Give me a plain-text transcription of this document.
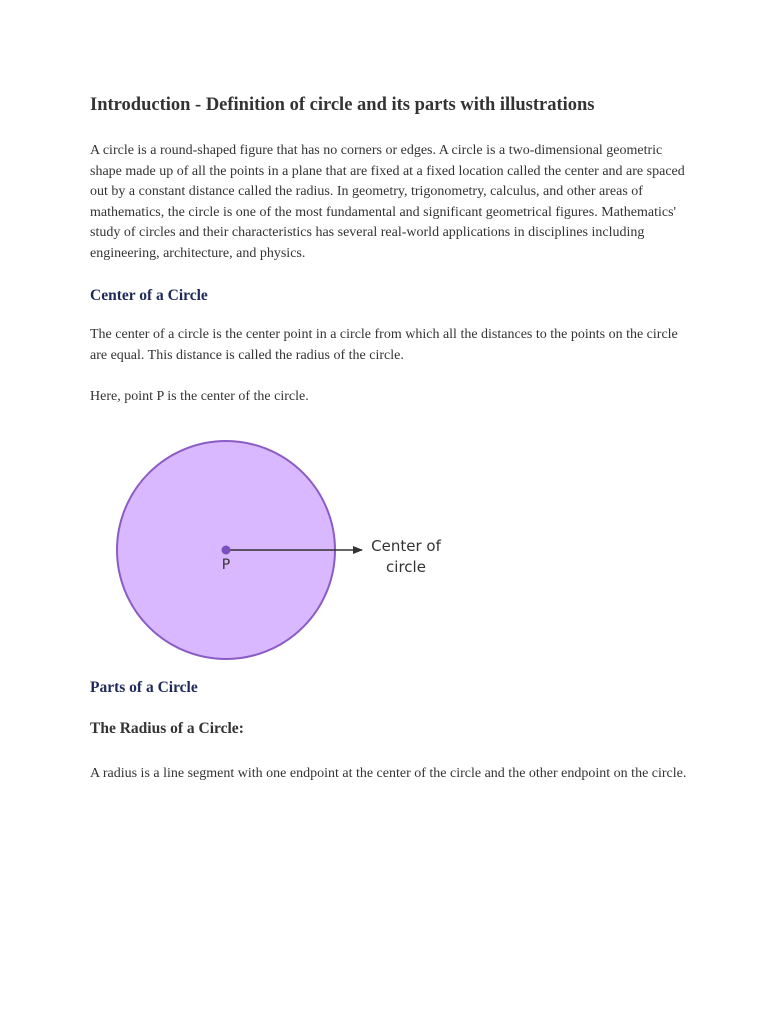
Introduction - Definition of circle and its parts with illustrations

A circle is a round-shaped figure that has no corners or edges. A circle is a two-dimensional geometric shape made up of all the points in a plane that are fixed at a fixed location called the center and are spaced out by a constant distance called the radius. In geometry, trigonometry, calculus, and other areas of mathematics, the circle is one of the most fundamental and significant geometrical figures. Mathematics' study of circles and their characteristics has several real-world applications in disciplines including engineering, architecture, and physics.

Center of a Circle

The center of a circle is the center point in a circle from which all the distances to the points on the circle are equal. This distance is called the radius of the circle.

Here, point P is the center of the circle.

P
Center of
circle
Parts of a Circle
The Radius of a Circle:

A radius is a line segment with one endpoint at the center of the circle and the other endpoint on the circle.
